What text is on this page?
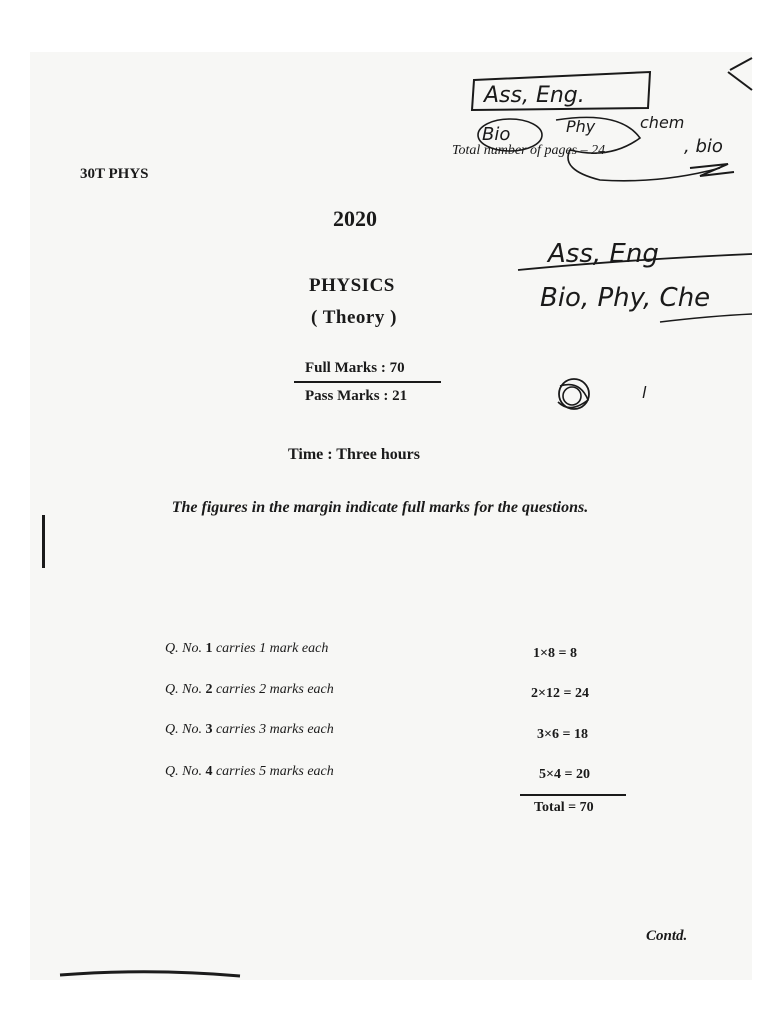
30T PHYS
Total number of pages – 24
2020
PHYSICS
( Theory )
Full Marks : 70
Pass Marks : 21
Time : Three hours
The figures in the margin indicate full marks for the questions.
Q. No. 1 carries 1 mark each	1×8 = 8
Q. No. 2 carries 2 marks each	2×12 = 24
Q. No. 3 carries 3 marks each	3×6 = 18
Q. No. 4 carries 5 marks each	5×4 = 20
Total = 70
Contd.
Ass, Eng.
Bio	Phy	chem
, bio
Ass, Eng
Bio, Phy, Che
l
